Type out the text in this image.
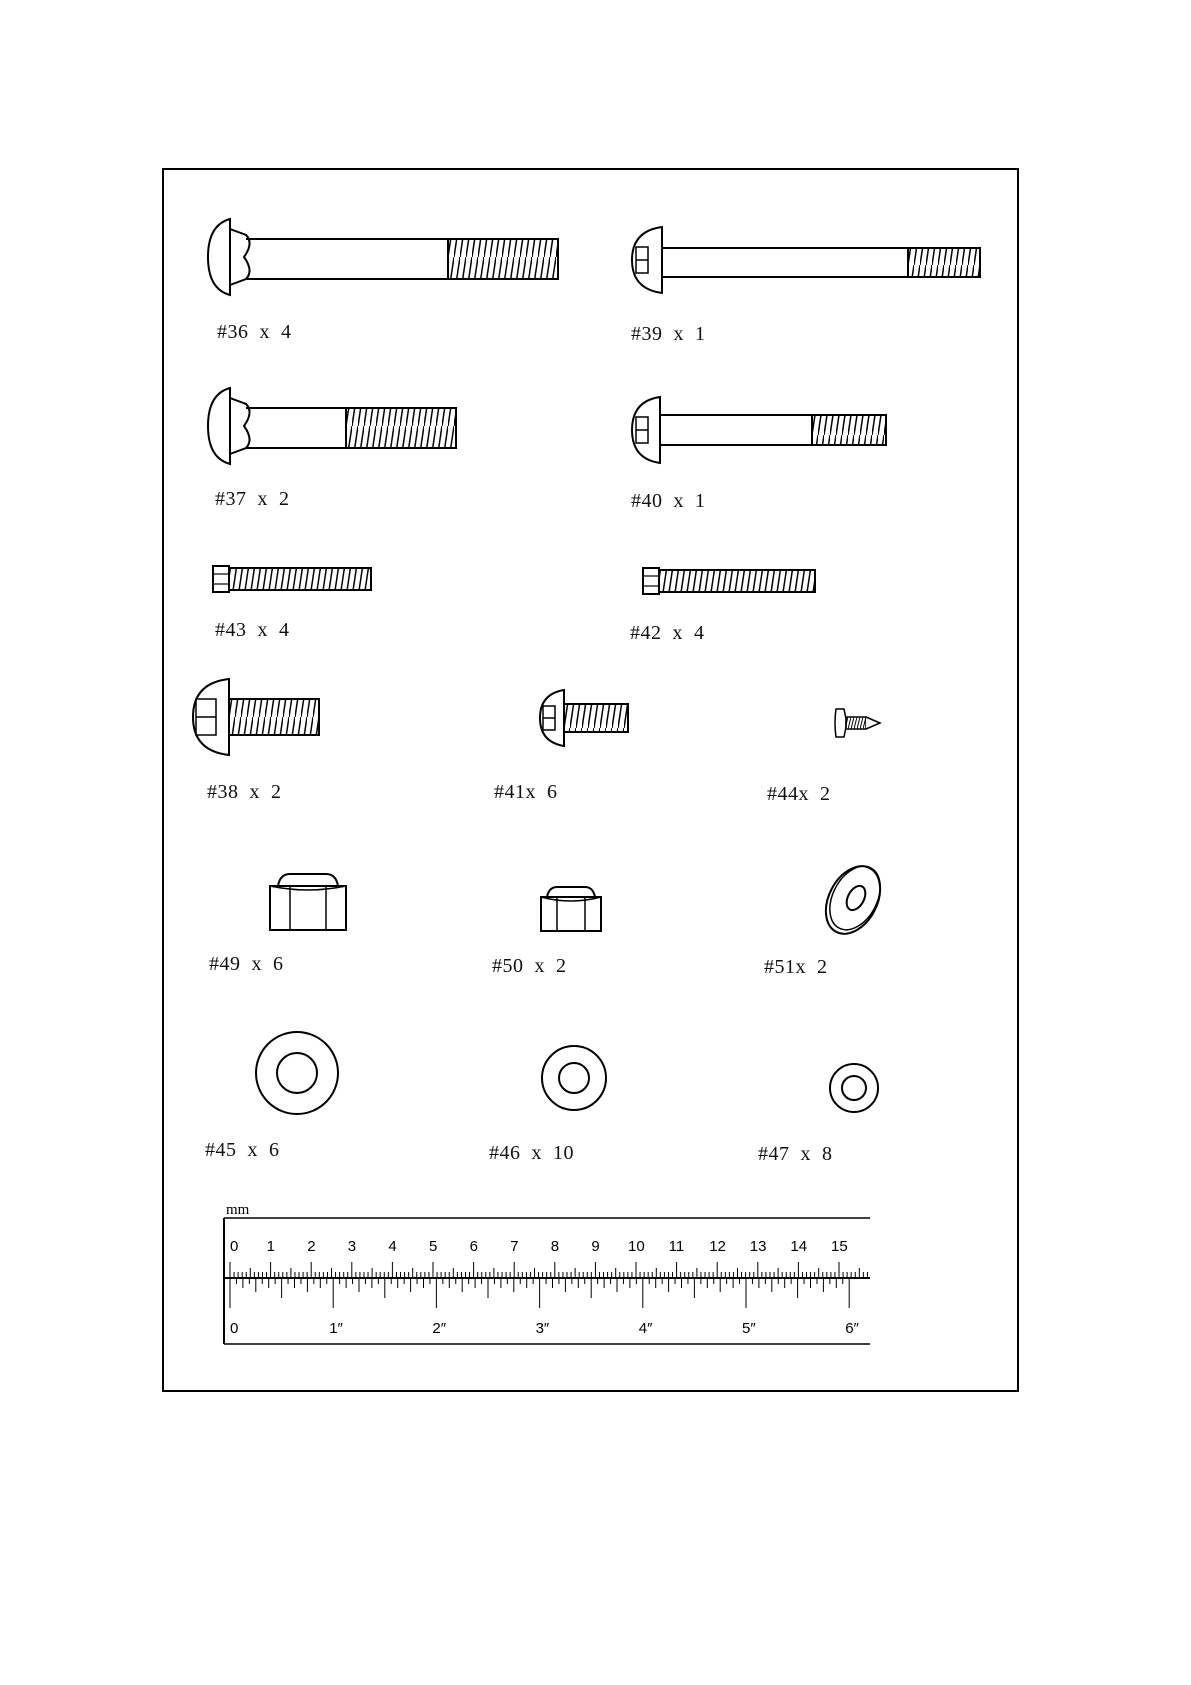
#36  x  4	#39  x  1
#37  x  2	#40  x  1
#43  x  4	#42  x  4
#38  x  2	#41x  6	#44x  2
#49  x  6	#50  x  2	#51x  2
#45  x  6	#46  x  10	#47  x  8
mm
0 1 2 3 4 5 6 7 8 9 10 11 12 13 14 15
0	1″	2″	3″	4″	5″	6″
